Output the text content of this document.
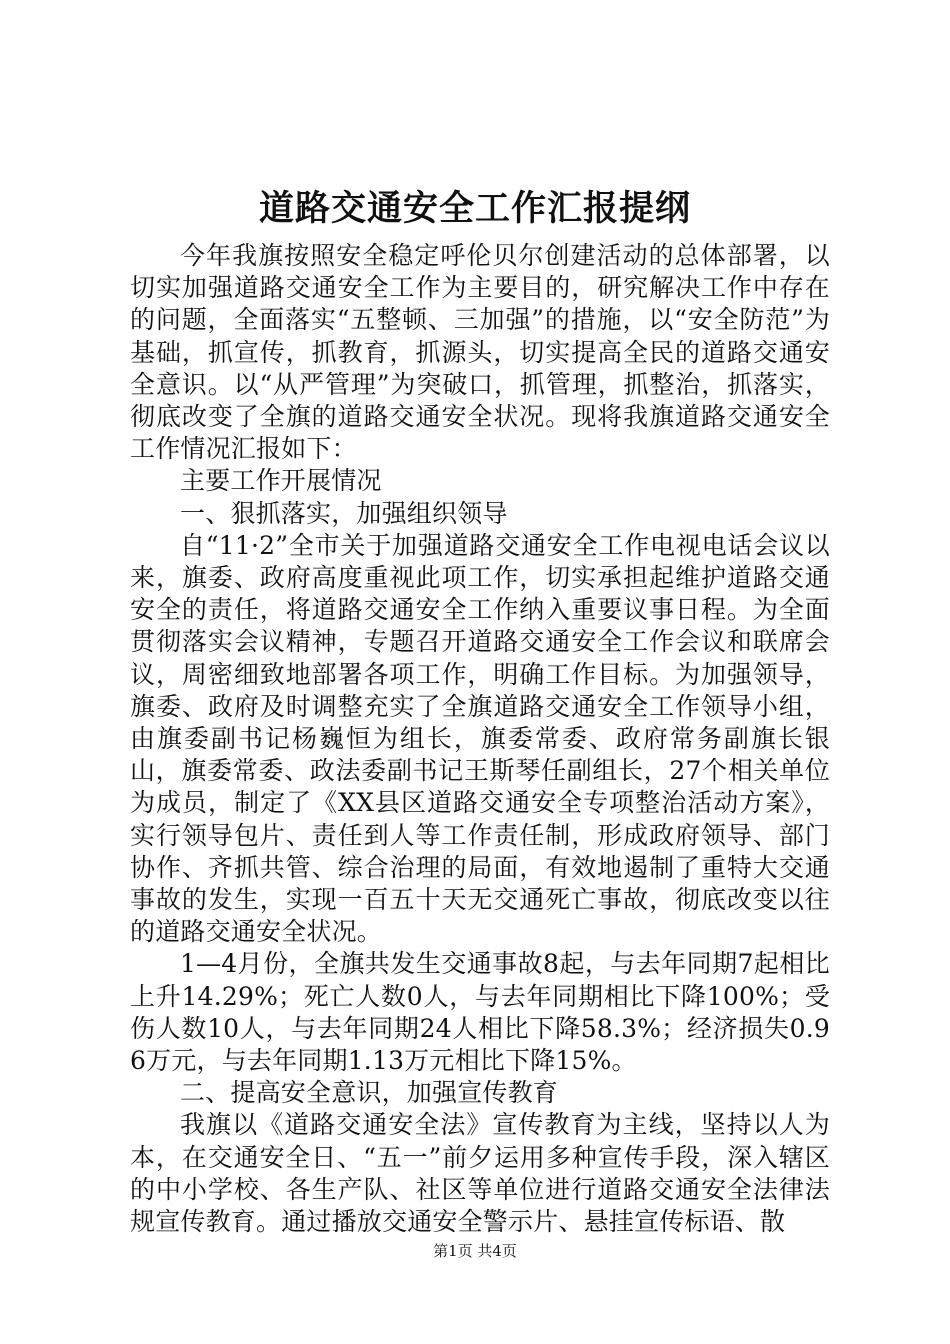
道路交通安全工作汇报提纲

今年我旗按照安全稳定呼伦贝尔创建活动的总体部署，以切实加强道路交通安全工作为主要目的，研究解决工作中存在的问题，全面落实“五整顿、三加强”的措施，以“安全防范”为基础，抓宣传，抓教育，抓源头，切实提高全民的道路交通安全意识。以“从严管理”为突破口，抓管理，抓整治，抓落实，彻底改变了全旗的道路交通安全状况。现将我旗道路交通安全工作情况汇报如下：

主要工作开展情况

一、狠抓落实，加强组织领导

自“11·2”全市关于加强道路交通安全工作电视电话会议以来，旗委、政府高度重视此项工作，切实承担起维护道路交通安全的责任，将道路交通安全工作纳入重要议事日程。为全面贯彻落实会议精神，专题召开道路交通安全工作会议和联席会议，周密细致地部署各项工作，明确工作目标。为加强领导，旗委、政府及时调整充实了全旗道路交通安全工作领导小组，由旗委副书记杨巍恒为组长，旗委常委、政府常务副旗长银山，旗委常委、政法委副书记王斯琴任副组长，27个相关单位为成员，制定了《XX县区道路交通安全专项整治活动方案》，实行领导包片、责任到人等工作责任制，形成政府领导、部门协作、齐抓共管、综合治理的局面，有效地遏制了重特大交通事故的发生，实现一百五十天无交通死亡事故，彻底改变以往的道路交通安全状况。

1—4月份，全旗共发生交通事故8起，与去年同期7起相比上升14.29%；死亡人数0人，与去年同期相比下降100%；受伤人数10人，与去年同期24人相比下降58.3%；经济损失0.96万元，与去年同期1.13万元相比下降15%。

二、提高安全意识，加强宣传教育

我旗以《道路交通安全法》宣传教育为主线，坚持以人为本，在交通安全日、“五一”前夕运用多种宣传手段，深入辖区的中小学校、各生产队、社区等单位进行道路交通安全法律法规宣传教育。通过播放交通安全警示片、悬挂宣传标语、散

第1页 共4页
